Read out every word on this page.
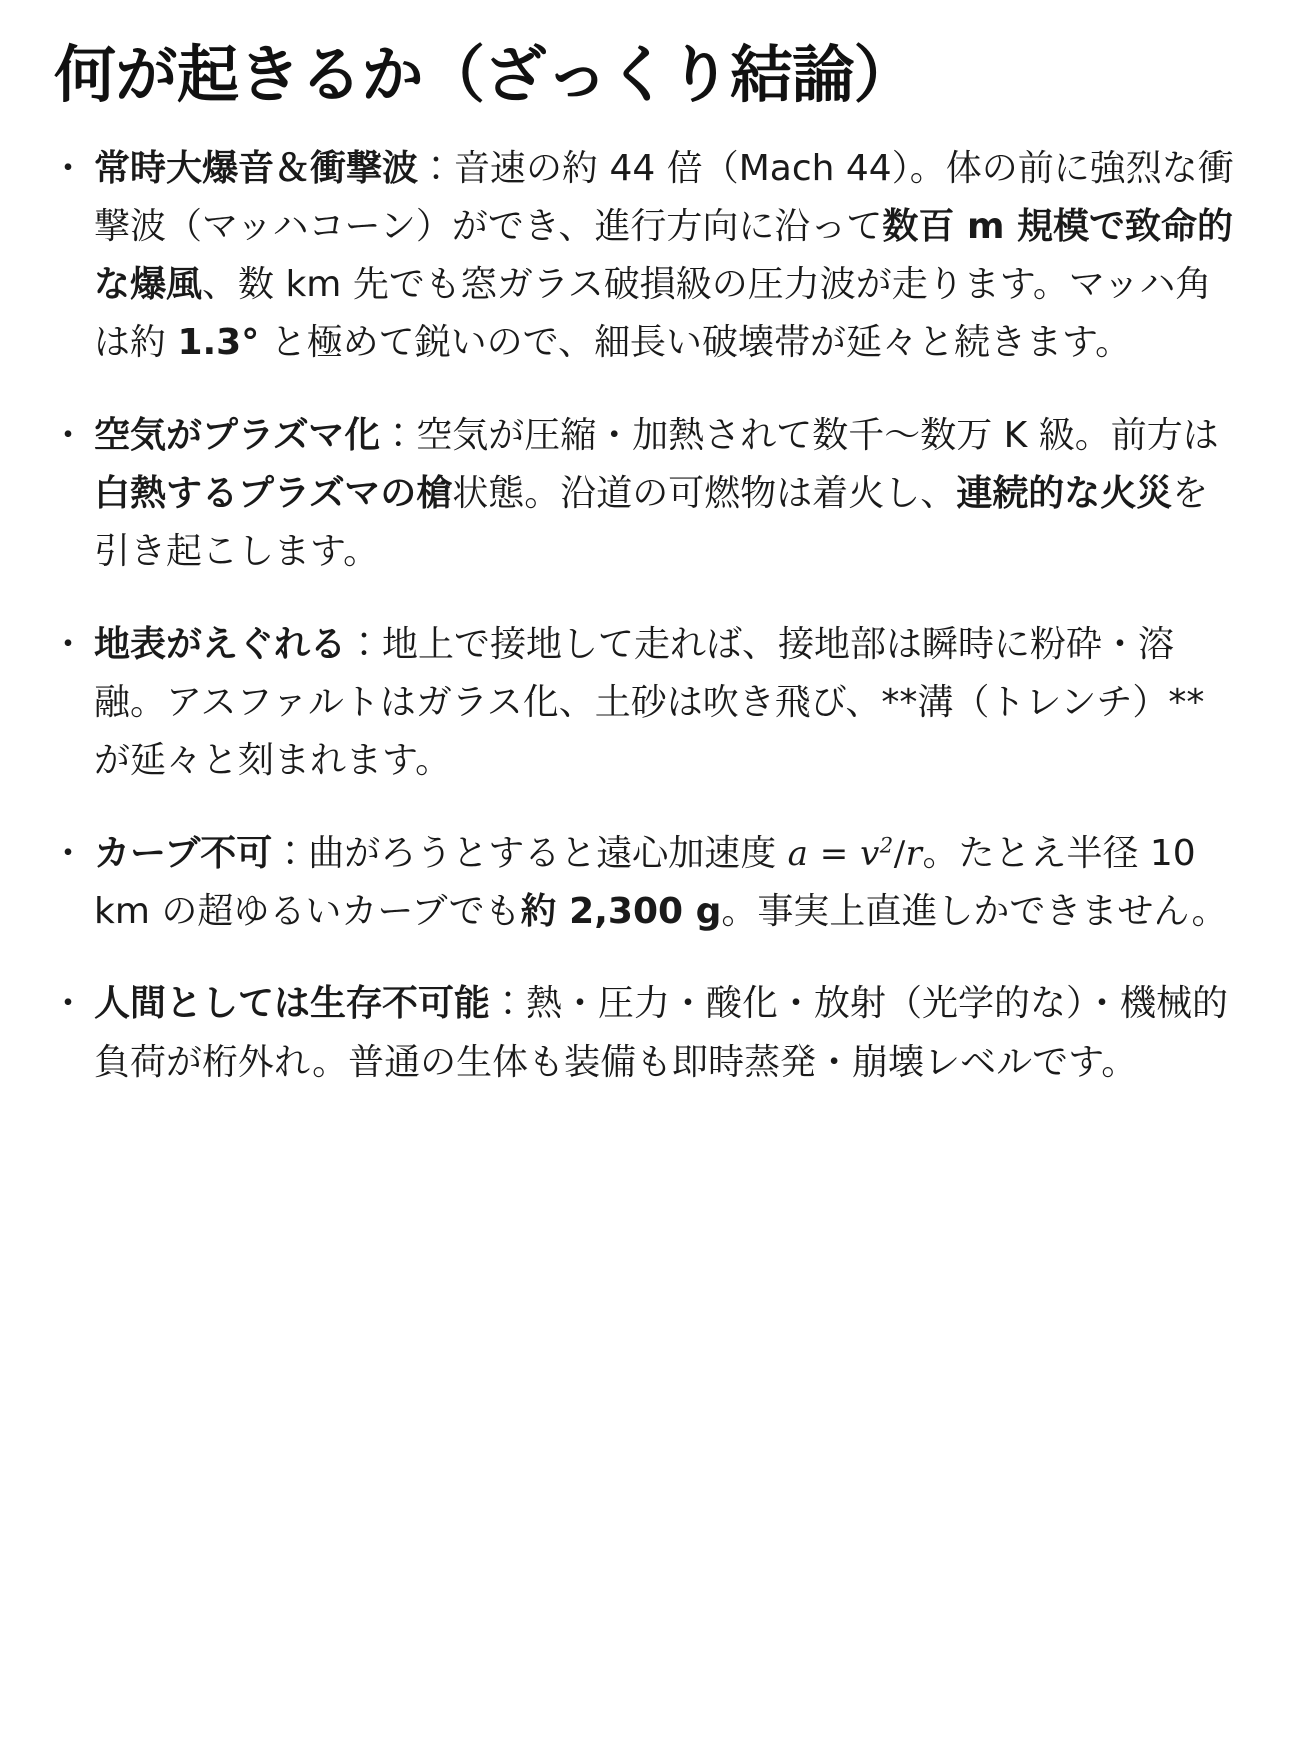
何が起きるか（ざっくり結論）
・ 常時大爆音＆衝撃波：音速の約 44 倍（Mach 44）。体の前に強烈な衝撃波（マッハコーン）ができ、進行方向に沿って数百 m 規模で致命的な爆風、数 km 先でも窓ガラス破損級の圧力波が走ります。マッハ角は約 1.3° と極めて鋭いので、細長い破壊帯が延々と続きます。
・ 空気がプラズマ化：空気が圧縮・加熱されて数千〜数万 K 級。前方は白熱するプラズマの槍状態。沿道の可燃物は着火し、連続的な火災を引き起こします。
・ 地表がえぐれる：地上で接地して走れば、接地部は瞬時に粉砕・溶融。アスファルトはガラス化、土砂は吹き飛び、**溝（トレンチ）**が延々と刻まれます。
・ カーブ不可：曲がろうとすると遠心加速度 $a = v^2/r$。たとえ半径 10 km の超ゆるいカーブでも約 2,300 g。事実上直進しかできません。
・ 人間としては生存不可能：熱・圧力・酸化・放射（光学的な）・機械的負荷が桁外れ。普通の生体も装備も即時蒸発・崩壊レベルです。
